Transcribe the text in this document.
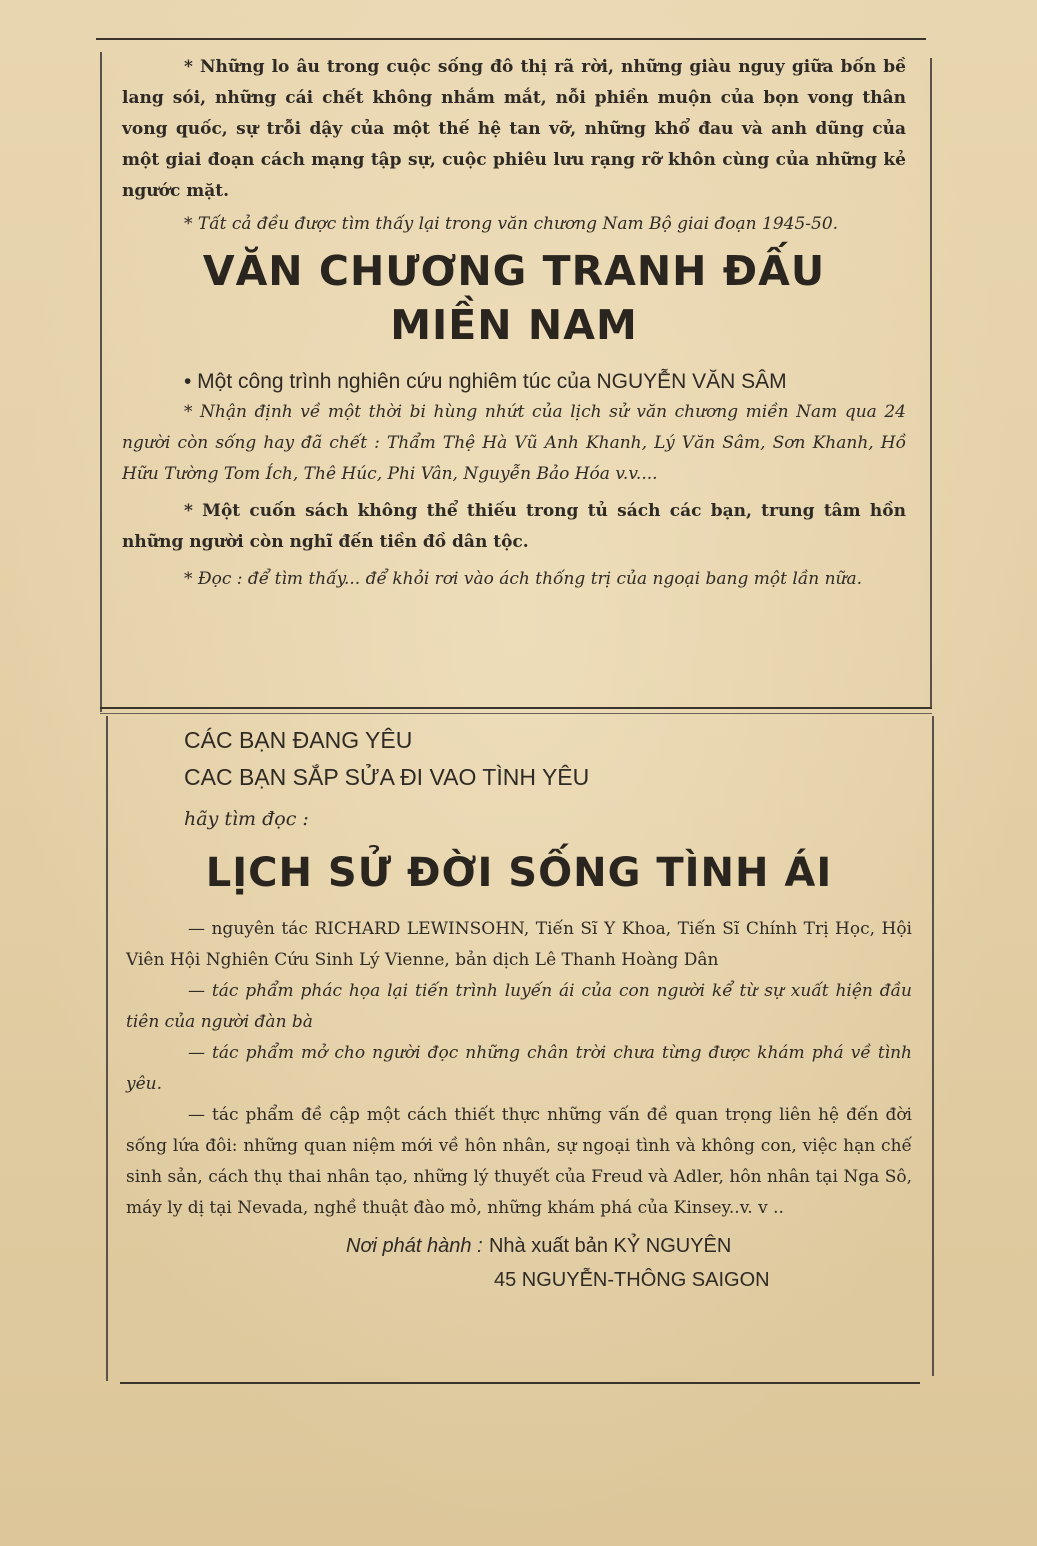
* Những lo âu trong cuộc sống đô thị rã rời, những giàu nguy giữa bốn bề lang sói, những cái chết không nhắm mắt, nỗi phiền muộn của bọn vong thân vong quốc, sự trỗi dậy của một thế hệ tan vỡ, những khổ đau và anh dũng của một giai đoạn cách mạng tập sự, cuộc phiêu lưu rạng rỡ khôn cùng của những kẻ ngước mặt.

* Tất cả đều được tìm thấy lại trong văn chương Nam Bộ giai đoạn 1945-50.

VĂN CHƯƠNG TRANH ĐẤU
MIỀN NAM

• Một công trình nghiên cứu nghiêm túc của NGUYỄN VĂN SÂM

* Nhận định về một thời bi hùng nhứt của lịch sử văn chương miền Nam qua 24 người còn sống hay đã chết : Thẩm Thệ Hà Vũ Anh Khanh, Lý Văn Sâm, Sơn Khanh, Hồ Hữu Tường Tom Ích, Thê Húc, Phi Vân, Nguyễn Bảo Hóa v.v....

* Một cuốn sách không thể thiếu trong tủ sách các bạn, trung tâm hồn những người còn nghĩ đến tiền đồ dân tộc.

* Đọc : để tìm thấy... để khỏi rơi vào ách thống trị của ngoại bang một lần nữa.

CÁC BẠN ĐANG YÊU

CAC BẠN SẮP SỬA ĐI VAO TÌNH YÊU

hãy tìm đọc :

LỊCH SỬ ĐỜI SỐNG TÌNH ÁI

— nguyên tác RICHARD LEWINSOHN, Tiến Sĩ Y Khoa, Tiến Sĩ Chính Trị Học, Hội Viên Hội Nghiên Cứu Sinh Lý Vienne, bản dịch Lê Thanh Hoàng Dân

— tác phẩm phác họa lại tiến trình luyến ái của con người kể từ sự xuất hiện đầu tiên của người đàn bà

— tác phẩm mở cho người đọc những chân trời chưa từng được khám phá về tình yêu.

— tác phẩm đề cập một cách thiết thực những vấn đề quan trọng liên hệ đến đời sống lứa đôi: những quan niệm mới về hôn nhân, sự ngoại tình và không con, việc hạn chế sinh sản, cách thụ thai nhân tạo, những lý thuyết của Freud và Adler, hôn nhân tại Nga Sô, máy ly dị tại Nevada, nghề thuật đào mỏ, những khám phá của Kinsey..v. v ..

Nơi phát hành : Nhà xuất bản KỶ NGUYÊN

45 NGUYỄN-THÔNG SAIGON
